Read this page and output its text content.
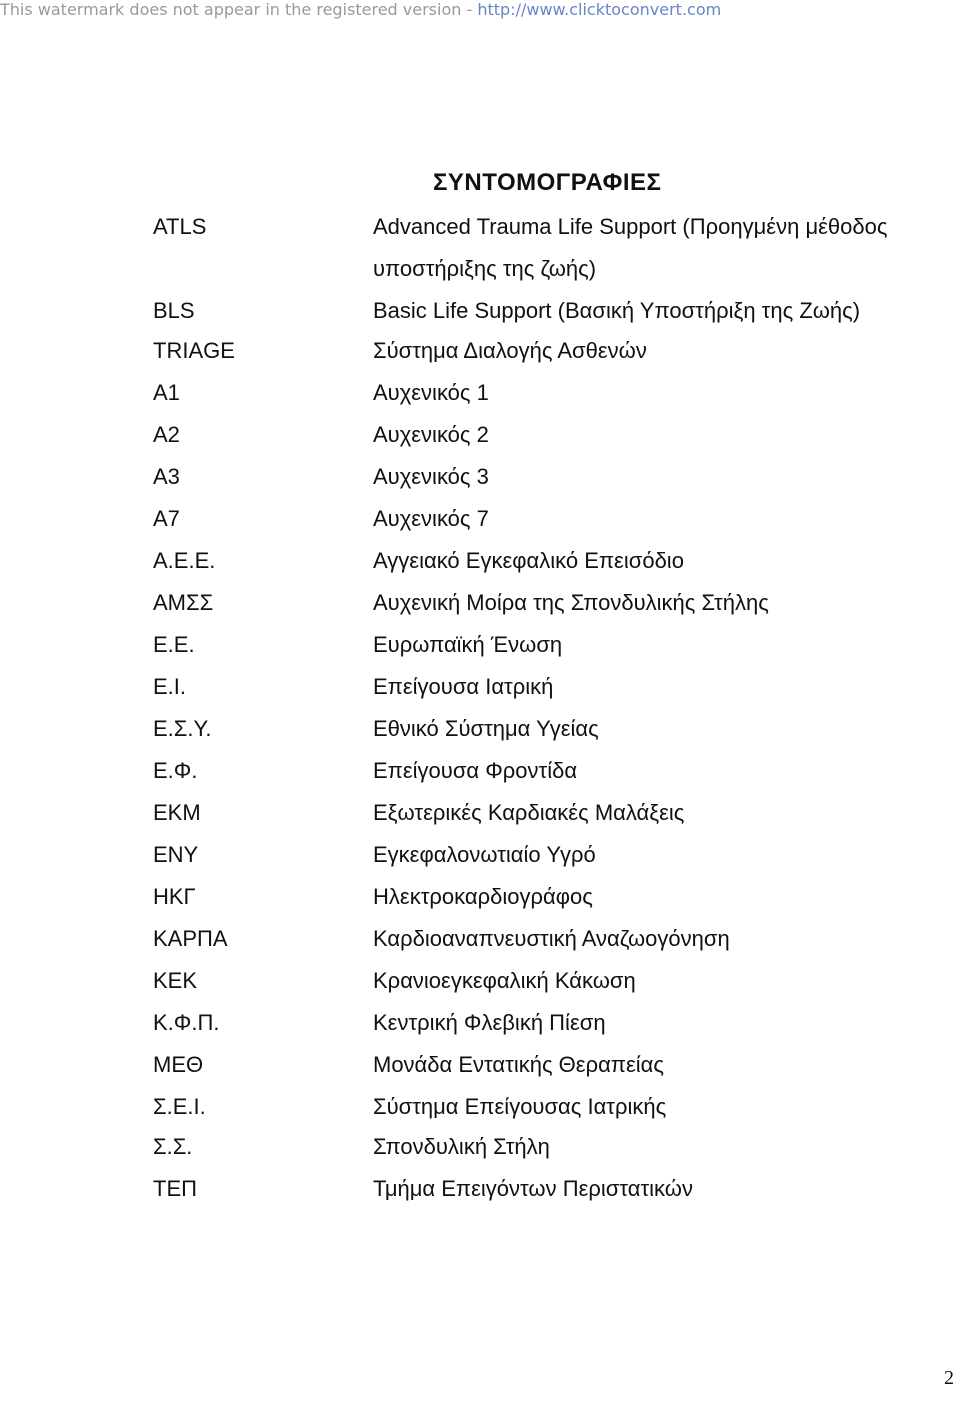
This watermark does not appear in the registered version - http://www.clicktoconvert.com
ΣΥΝΤΟΜΟΓΡΑΦΙΕΣ
ATLS	Advanced Trauma Life Support (Προηγμένη μέθοδος
υποστήριξης της ζωής)
BLS	Basic Life Support (Βασική Υποστήριξη της Ζωής)
TRIAGE	Σύστημα Διαλογής Ασθενών
Α1	Αυχενικός 1
Α2	Αυχενικός 2
Α3	Αυχενικός 3
Α7	Αυχενικός 7
Α.Ε.Ε.	Αγγειακό Εγκεφαλικό Επεισόδιο
ΑΜΣΣ	Αυχενική Μοίρα της Σπονδυλικής Στήλης
Ε.Ε.	Ευρωπαϊκή Ένωση
Ε.Ι.	Επείγουσα Ιατρική
Ε.Σ.Υ.	Εθνικό Σύστημα Υγείας
Ε.Φ.	Επείγουσα Φροντίδα
ΕΚΜ	Εξωτερικές Καρδιακές Μαλάξεις
ΕΝΥ	Εγκεφαλονωτιαίο Υγρό
ΗΚΓ	Ηλεκτροκαρδιογράφος
ΚΑΡΠΑ	Καρδιοαναπνευστική Αναζωογόνηση
ΚΕΚ	Κρανιοεγκεφαλική Κάκωση
Κ.Φ.Π.	Κεντρική Φλεβική Πίεση
ΜΕΘ	Μονάδα Εντατικής Θεραπείας
Σ.Ε.Ι.	Σύστημα Επείγουσας Ιατρικής
Σ.Σ.	Σπονδυλική Στήλη
ΤΕΠ	Τμήμα Επειγόντων Περιστατικών
2
